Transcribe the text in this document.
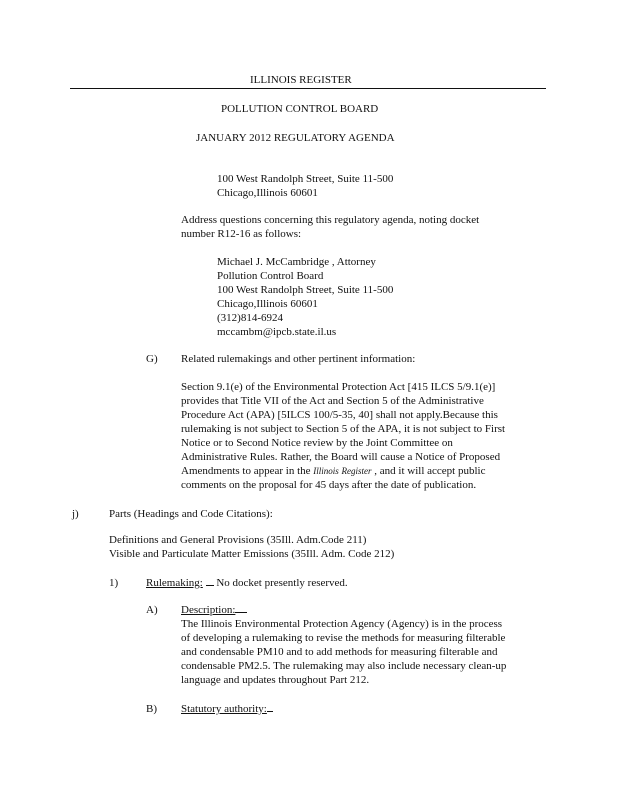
ILLINOIS REGISTER
POLLUTION CONTROL BOARD
JANUARY 2012 REGULATORY AGENDA
100 West Randolph Street, Suite 11-500
Chicago,Illinois 60601
Address questions concerning this regulatory agenda, noting docket
number R12-16 as follows:
Michael J. McCambridge , Attorney
Pollution Control Board
100 West Randolph Street, Suite 11-500
Chicago,Illinois 60601
(312)814-6924
mccambm@ipcb.state.il.us
G) Related rulemakings and other pertinent information:
Section 9.1(e) of the Environmental Protection Act [415 ILCS 5/9.1(e)]
provides that Title VII of the Act and Section 5 of the Administrative
Procedure Act (APA) [5ILCS 100/5-35, 40] shall not apply.Because this
rulemaking is not subject to Section 5 of the APA, it is not subject to First
Notice or to Second Notice review by the Joint Committee on
Administrative Rules. Rather, the Board will cause a Notice of Proposed
Amendments to appear in the Illinois Register , and it will accept public
comments on the proposal for 45 days after the date of publication.
j)	Parts (Headings and Code Citations):
Definitions and General Provisions (35Ill. Adm.Code 211)
Visible and Particulate Matter Emissions (35Ill. Adm. Code 212)
1)	Rulemaking: No docket presently reserved.
A) Description:
The Illinois Environmental Protection Agency (Agency) is in the process
of developing a rulemaking to revise the methods for measuring filterable
and condensable PM10 and to add methods for measuring filterable and
condensable PM2.5. The rulemaking may also include necessary clean-up
language and updates throughout Part 212.
B) Statutory authority:
